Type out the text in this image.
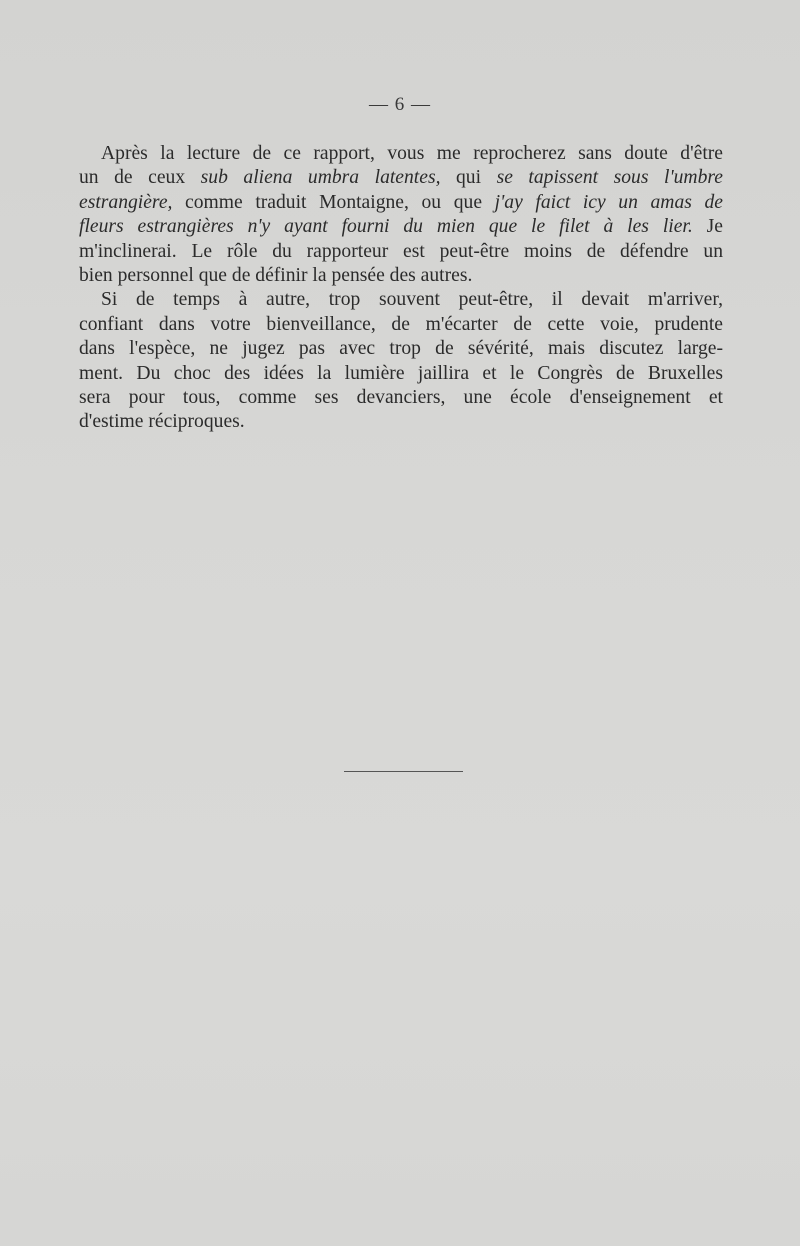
— 6 —
Après la lecture de ce rapport, vous me reprocherez sans doute d'être
un de ceux sub aliena umbra latentes, qui se tapissent sous l'umbre
estrangière, comme traduit Montaigne, ou que j'ay faict icy un amas de
fleurs estrangières n'y ayant fourni du mien que le filet à les lier. Je
m'inclinerai. Le rôle du rapporteur est peut-être moins de défendre un
bien personnel que de définir la pensée des autres.
Si de temps à autre, trop souvent peut-être, il devait m'arriver,
confiant dans votre bienveillance, de m'écarter de cette voie, prudente
dans l'espèce, ne jugez pas avec trop de sévérité, mais discutez large-
ment. Du choc des idées la lumière jaillira et le Congrès de Bruxelles
sera pour tous, comme ses devanciers, une école d'enseignement et
d'estime réciproques.
